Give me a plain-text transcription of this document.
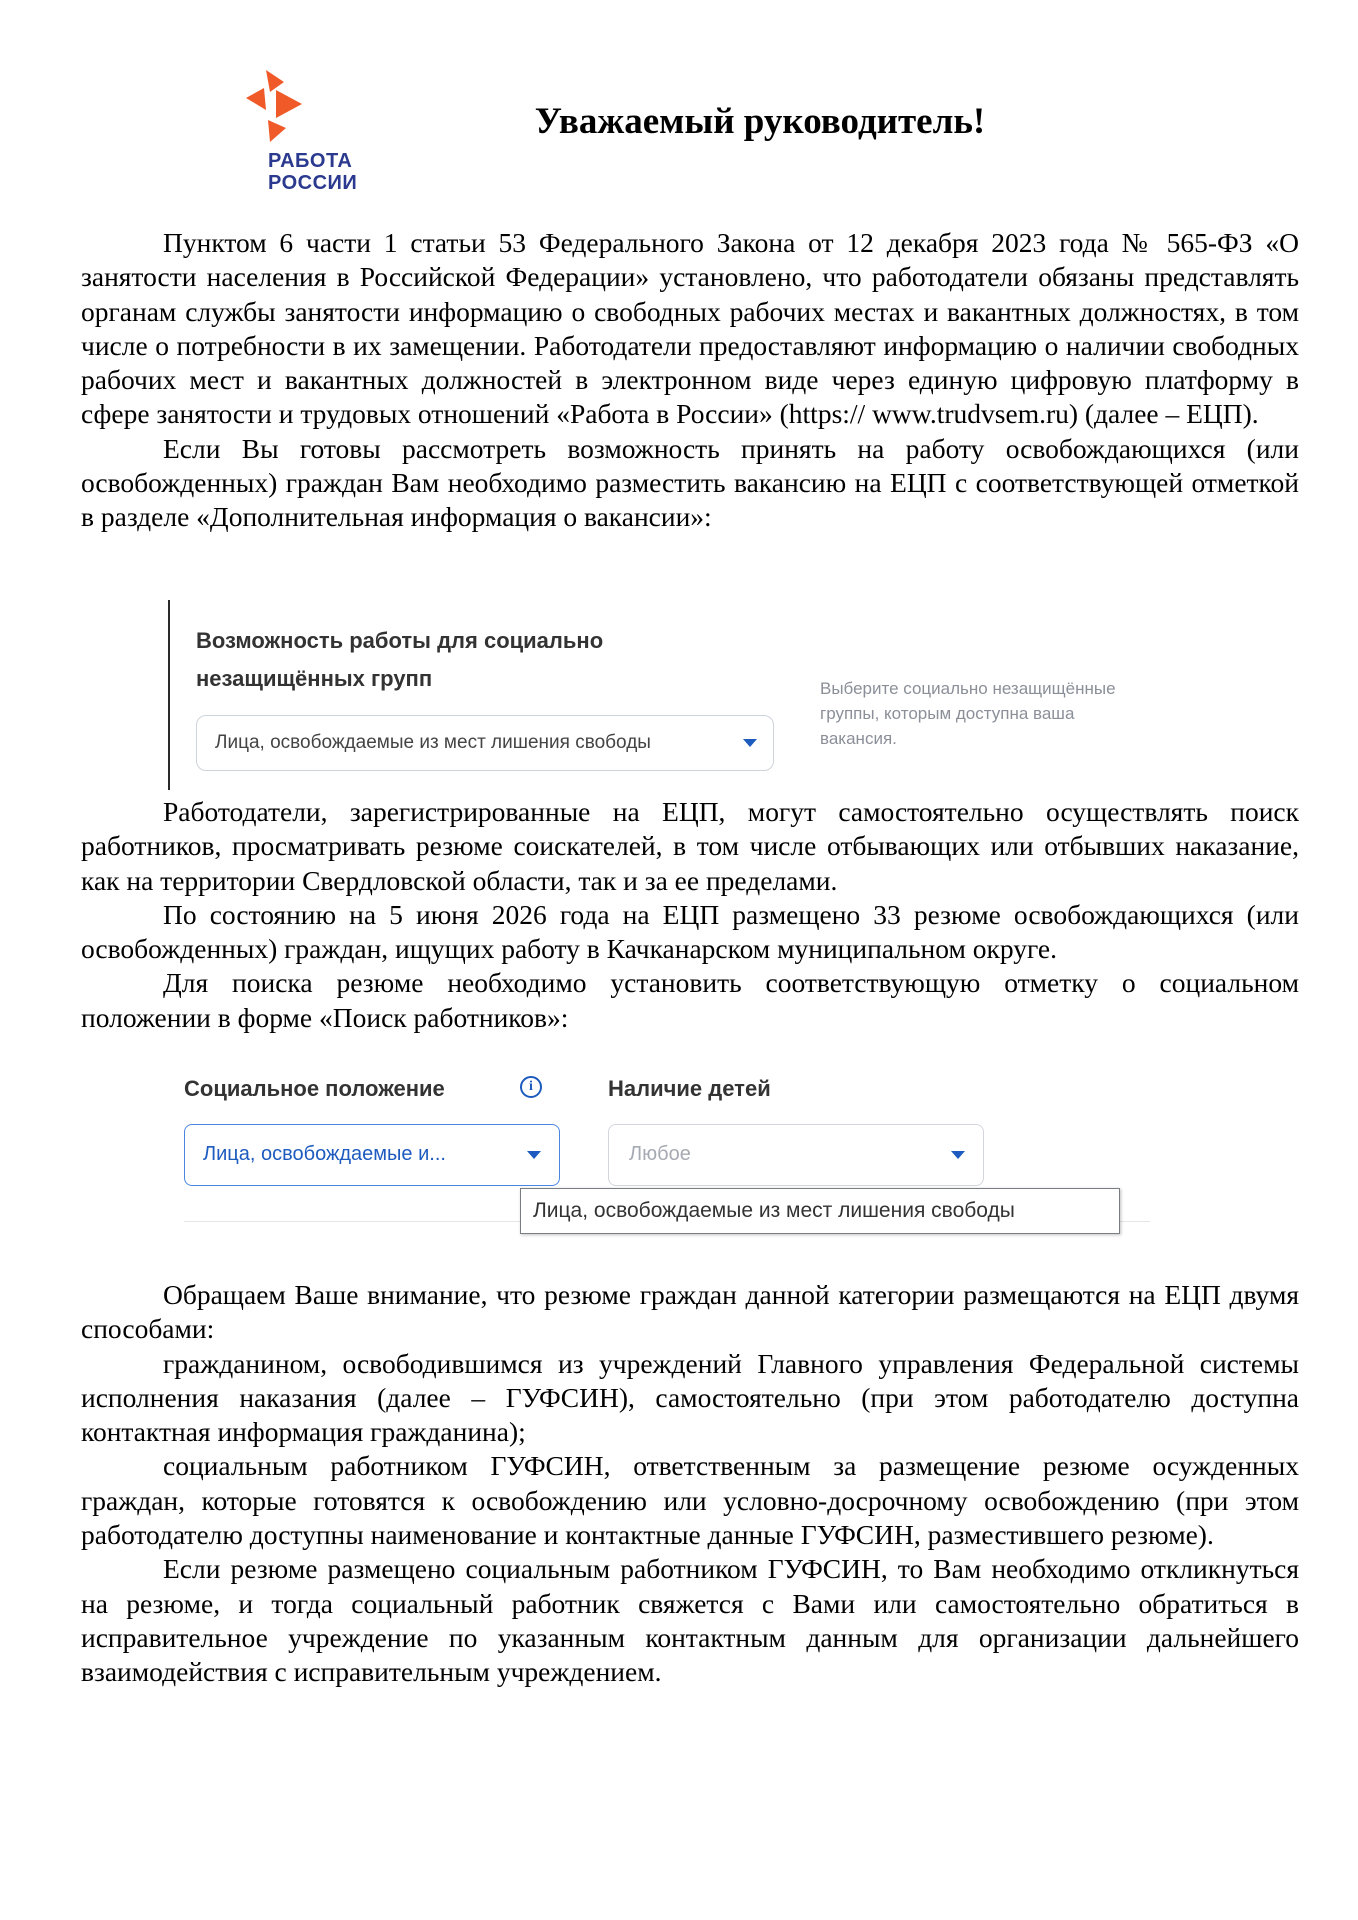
РАБОТА
РОССИИ
Уважаемый руководитель!

Пунктом 6 части 1 статьи 53 Федерального Закона от 12 декабря 2023 года № 565-ФЗ «О занятости населения в Российской Федерации» установлено, что работодатели обязаны представлять органам службы занятости информацию о свободных рабочих местах и вакантных должностях, в том числе о потребности в их замещении. Работодатели предоставляют информацию о наличии свободных рабочих мест и вакантных должностей в электронном виде через единую цифровую платформу в сфере занятости и трудовых отношений «Работа в России» (https:// www.trudvsem.ru) (далее – ЕЦП).

Если Вы готовы рассмотреть возможность принять на работу освобождающихся (или освобожденных) граждан Вам необходимо разместить вакансию на ЕЦП с соответствующей отметкой в разделе «Дополнительная информация о вакансии»:

Возможность работы для социально незащищённых групп
Лица, освобождаемые из мест лишения свободы
Выберите социально незащищённые группы, которым доступна ваша вакансия.

Работодатели, зарегистрированные на ЕЦП, могут самостоятельно осуществлять поиск работников, просматривать резюме соискателей, в том числе отбывающих или отбывших наказание, как на территории Свердловской области, так и за ее пределами.

По состоянию на 5 июня 2026 года на ЕЦП размещено 33 резюме освобождающихся (или освобожденных) граждан, ищущих работу в Качканарском муниципальном округе.

Для поиска резюме необходимо установить соответствующую отметку о социальном положении в форме «Поиск работников»:

Социальное положение	i	Наличие детей
Лица, освобождаемые и...	Любое
Лица, освобождаемые из мест лишения свободы

Обращаем Ваше внимание, что резюме граждан данной категории размещаются на ЕЦП двумя способами:

гражданином, освободившимся из учреждений Главного управления Федеральной системы исполнения наказания (далее – ГУФСИН), самостоятельно (при этом работодателю доступна контактная информация гражданина);

социальным работником ГУФСИН, ответственным за размещение резюме осужденных граждан, которые готовятся к освобождению или условно-досрочному освобождению (при этом работодателю доступны наименование и контактные данные ГУФСИН, разместившего резюме).

Если резюме размещено социальным работником ГУФСИН, то Вам необходимо откликнуться на резюме, и тогда социальный работник свяжется с Вами или самостоятельно обратиться в исправительное учреждение по указанным контактным данным для организации дальнейшего взаимодействия с исправительным учреждением.
